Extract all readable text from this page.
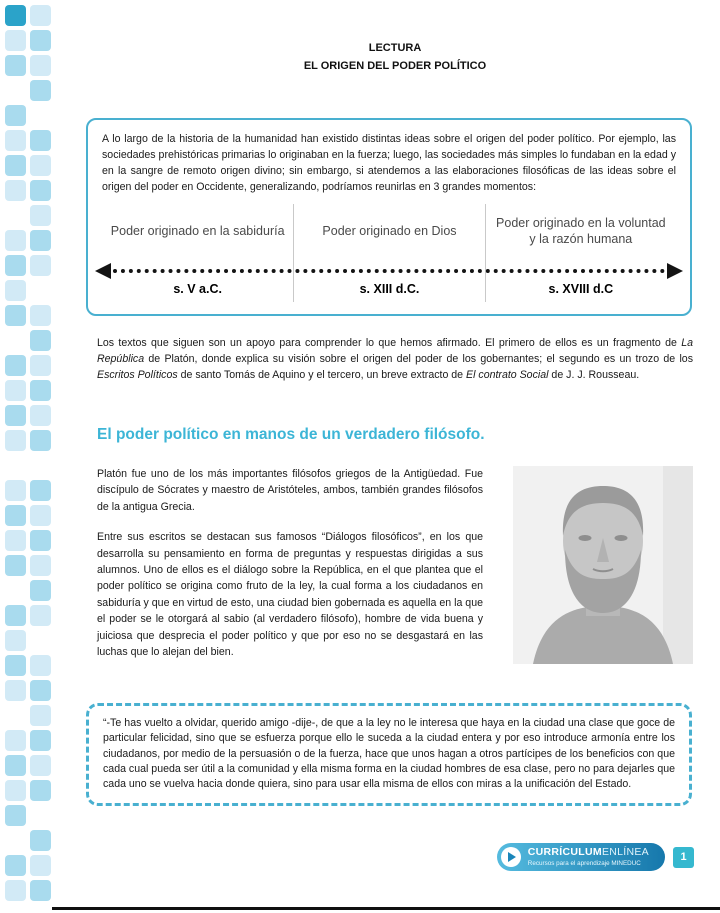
LECTURA
EL ORIGEN DEL PODER POLÍTICO
A lo largo de la historia de la humanidad han existido distintas ideas sobre el origen del poder político. Por ejemplo, las sociedades prehistóricas primarias lo originaban en la fuerza; luego, las sociedades más simples lo fundaban en la edad y en la sangre de remoto origen divino; sin embargo, si atendemos a las elaboraciones filosóficas de las ideas sobre el origen del poder en Occidente, generalizando, podríamos reunirlas en 3 grandes momentos:
Poder originado en la sabiduría
s. V a.C.
Poder originado en Dios
s. XIII d.C.
Poder originado en la voluntad y la razón humana
s. XVIII d.C
Los textos que siguen son un apoyo para comprender lo que hemos afirmado. El primero de ellos es un fragmento de La República de Platón, donde explica su visión sobre el origen del poder de los gobernantes; el segundo es un trozo de los Escritos Políticos de santo Tomás de Aquino y el tercero, un breve extracto de El contrato Social de J. J. Rousseau.
El poder político en manos de un verdadero filósofo.

Platón fue uno de los más importantes filósofos griegos de la Antigüedad. Fue discípulo de Sócrates y maestro de Aristóteles, ambos, también grandes filósofos de la antigua Grecia.

Entre sus escritos se destacan sus famosos “Diálogos filosóficos”, en los que desarrolla su pensamiento en forma de preguntas y respuestas dirigidas a sus alumnos. Uno de ellos es el diálogo sobre la República, en el que plantea que el poder político se origina como fruto de la ley, la cual forma a los ciudadanos en sabiduría y que en virtud de esto, una ciudad bien gobernada es aquella en la que el poder se le otorgará al sabio (al verdadero filósofo), hombre de vida buena y juiciosa que desprecia el poder político y que por eso no se desgastará en las luchas que lo alejan del bien.

“-Te has vuelto a olvidar, querido amigo -dije-, de que a la ley no le interesa que haya en la ciudad una clase que goce de particular felicidad, sino que se esfuerza porque ello le suceda a la ciudad entera y por eso introduce armonía entre los ciudadanos, por medio de la persuasión o de la fuerza, hace que unos hagan a otros partícipes de los beneficios con que cada cual pueda ser útil a la comunidad y ella misma forma en la ciudad hombres de esa clase, pero no para dejarles que cada uno se vuelva hacia donde quiera, sino para usar ella misma de ellos con miras a la unificación del Estado.
CURRÍCULUMENLÍNEA
Recursos para el aprendizaje MINEDUC
1
